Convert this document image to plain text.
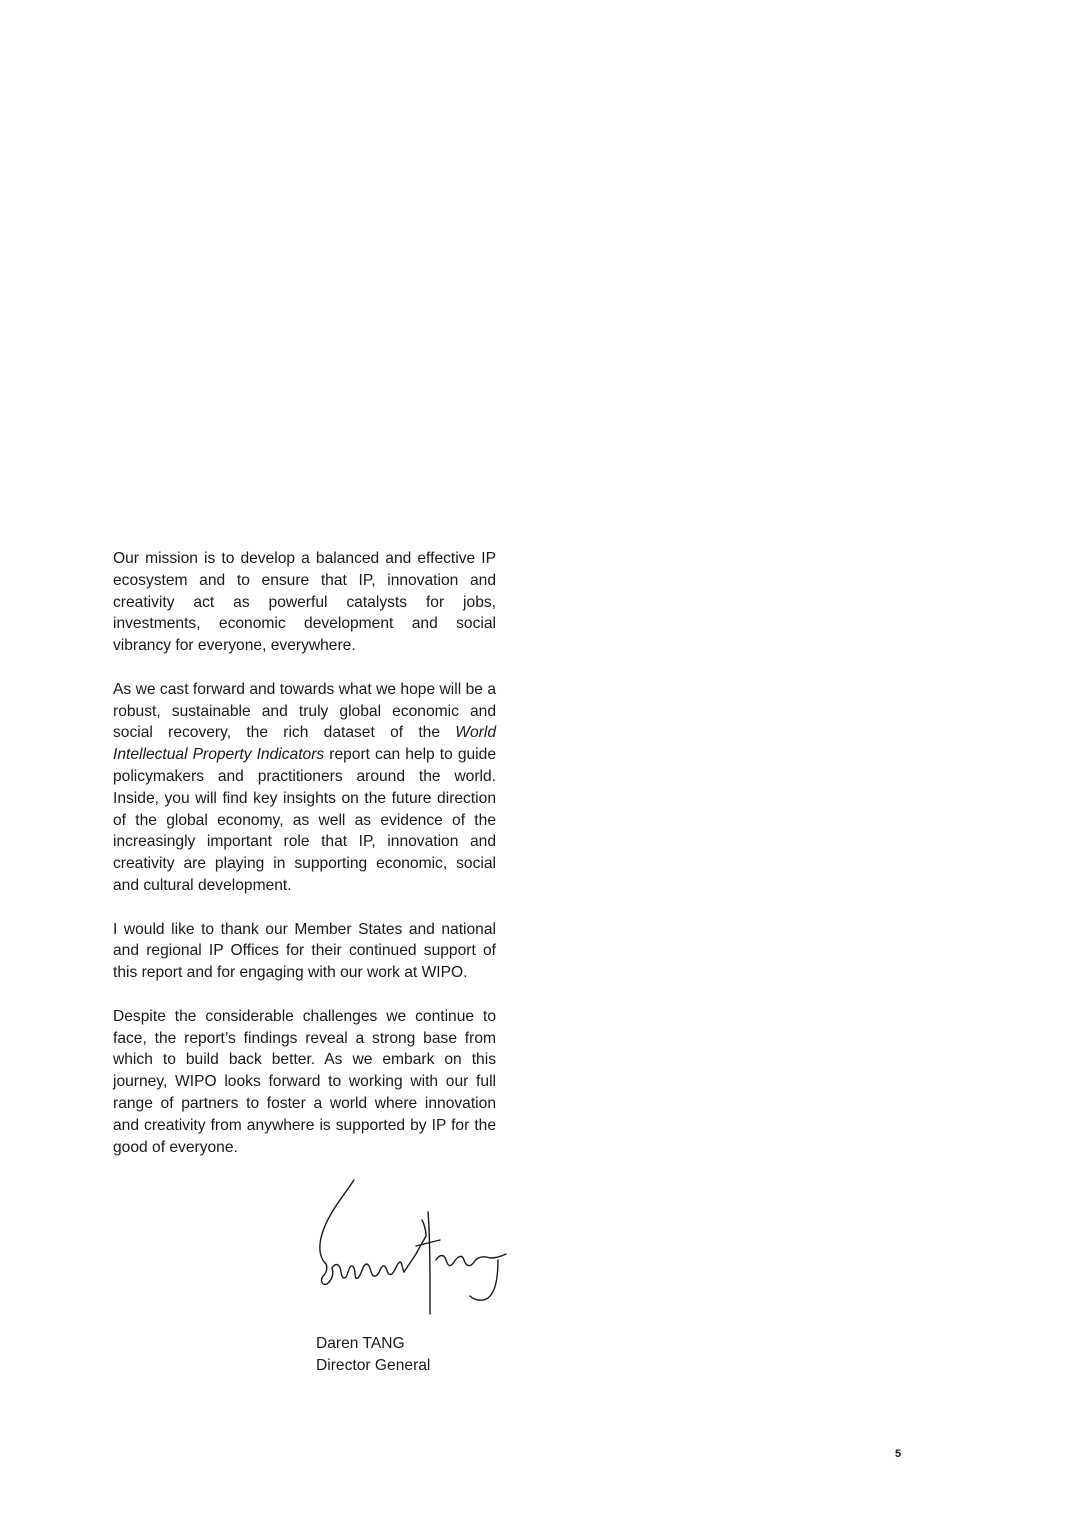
Our mission is to develop a balanced and effective IP ecosystem and to ensure that IP, innovation and creativity act as powerful catalysts for jobs, investments, economic development and social vibrancy for everyone, everywhere.

As we cast forward and towards what we hope will be a robust, sustainable and truly global economic and social recovery, the rich dataset of the World Intellectual Property Indicators report can help to guide policymakers and practitioners around the world. Inside, you will find key insights on the future direction of the global economy, as well as evidence of the increasingly important role that IP, innovation and creativity are playing in supporting economic, social and cultural development.

I would like to thank our Member States and national and regional IP Offices for their continued support of this report and for engaging with our work at WIPO.

Despite the considerable challenges we continue to face, the report’s findings reveal a strong base from which to build back better. As we embark on this journey, WIPO looks forward to working with our full range of partners to foster a world where innovation and creativity from anywhere is supported by IP for the good of everyone.

Daren TANG
Director General
5
